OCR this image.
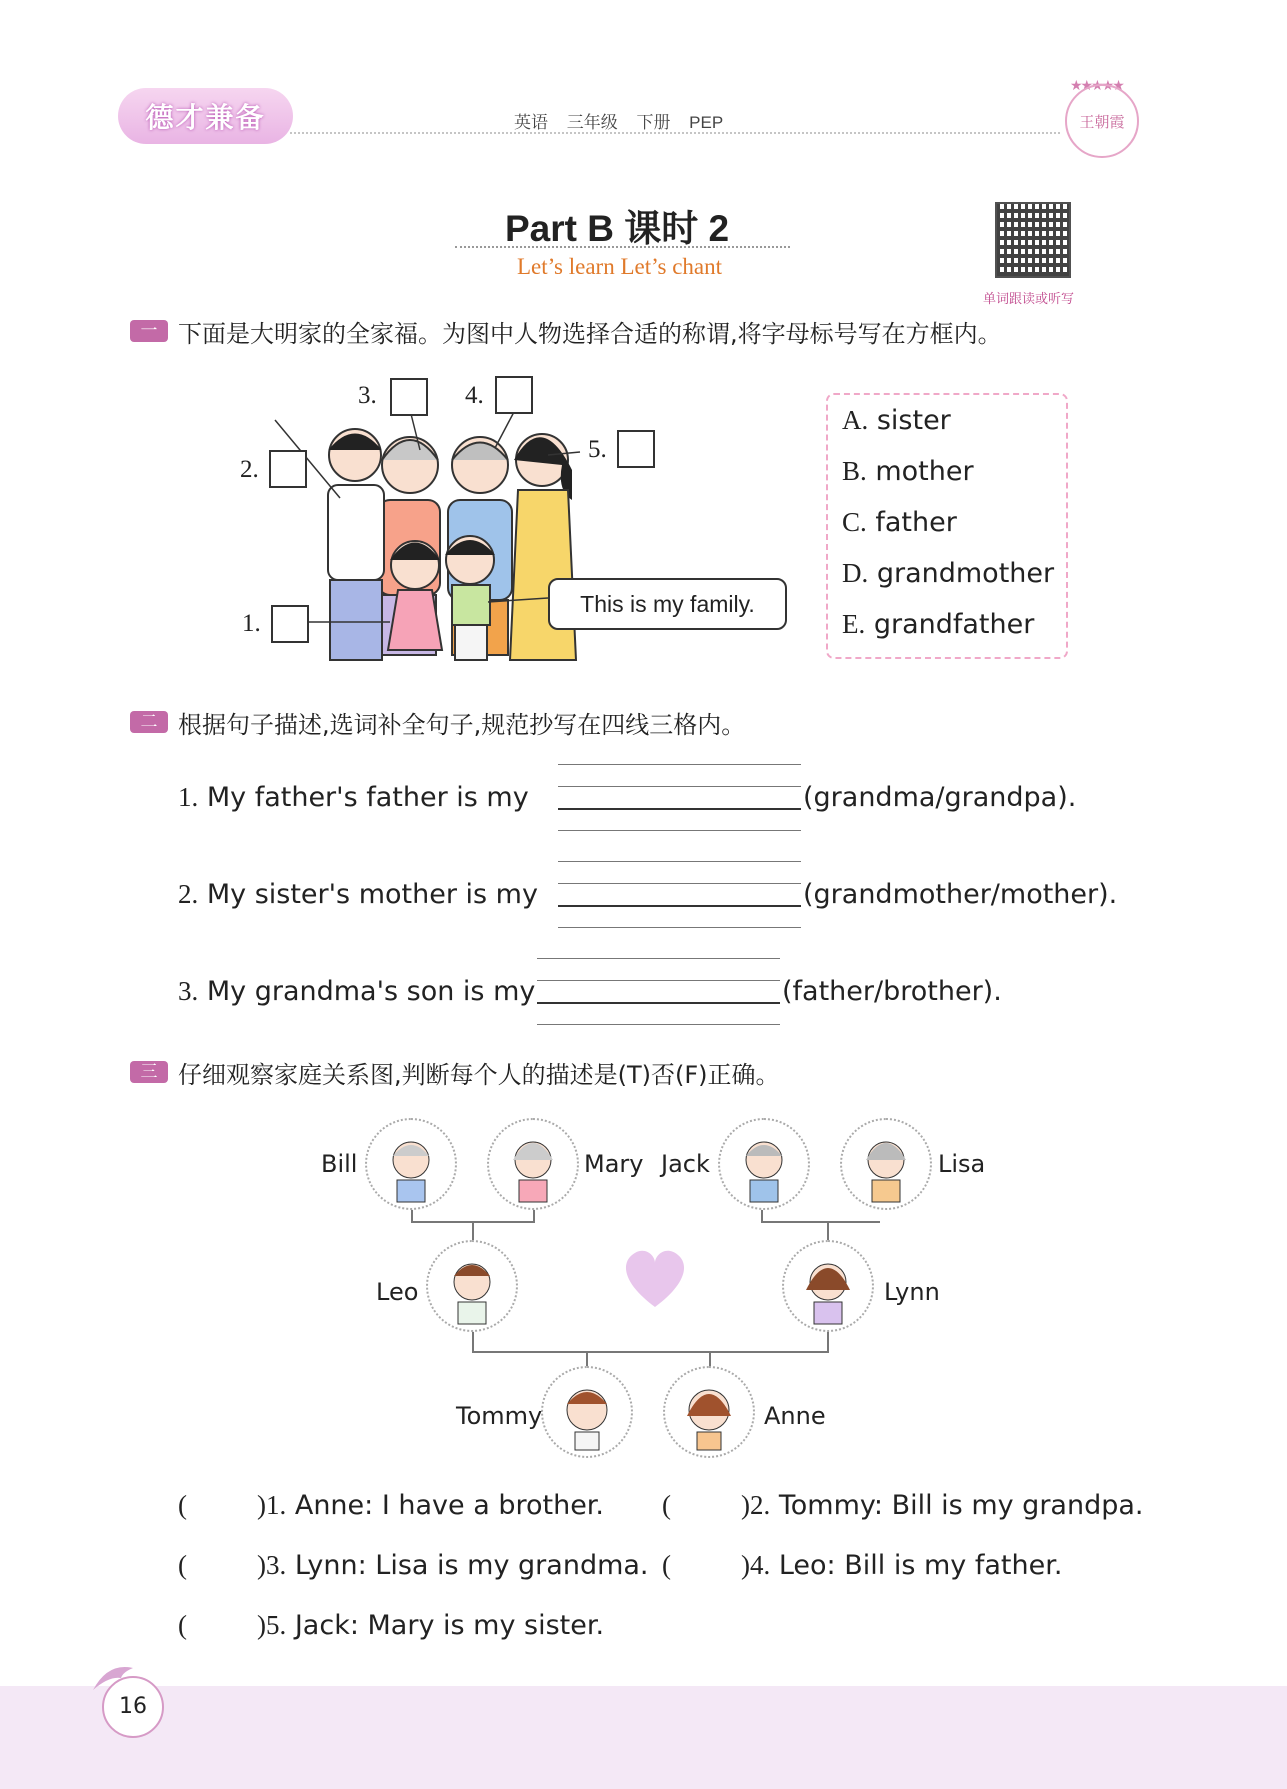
德才兼备	英语 三年级 下册 PEP
★★★★★
王朝霞
Part B 课时 2
Let’s learn Let’s chant
单词跟读或听写
一 下面是大明家的全家福。为图中人物选择合适的称谓,将字母标号写在方框内。
3.	4.
5.
2.
1.
This is my family.
A. sister
B. mother
C. father
D. grandmother
E. grandfather
二 根据句子描述,选词补全句子,规范抄写在四线三格内。
1. My father's father is my	(grandma/grandpa).
2. My sister's mother is my	(grandmother/mother).
3. My grandma's son is my	(father/brother).
三 仔细观察家庭关系图,判断每个人的描述是(T)否(F)正确。
Bill	Mary Jack	Lisa
Leo	Lynn
Tommy	Anne
(	)1. Anne: I have a brother. (	)2. Tommy: Bill is my grandpa.
(	)3. Lynn: Lisa is my grandma. (	)4. Leo: Bill is my father.
(	)5. Jack: Mary is my sister.
16
